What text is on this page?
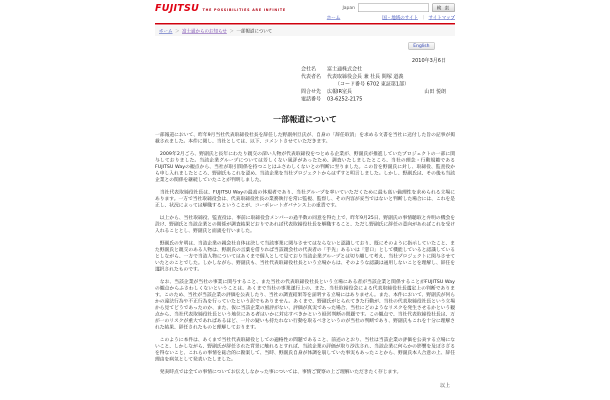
FUJITSU THE POSSIBILITIES ARE INFINITE	Japan	検 索
ホーム	国・地域のサイト ｜ サイトマップ
ホーム ＞ 富士通からのお知らせ ＞ 一部報道について
English
2010年3月6日
会社名	富士通株式会社
代表者名 代表取締役会長 兼 社長 間塚 道義
（コード番号 6702 東証第1部）
問合せ先 広報IR室長	山田 悦朗
電話番号 03-6252-2175
一部報道について

一部報道において、昨年9月当社代表取締役社長を辞任した野副州旦氏が、自身の「辞任取消」を求める文書を当社に送付した旨の記事が掲載されました。本件に関し、当社としては、以下、コメントさせていただきます。

　2009年2月ごろ、野副氏と長年にわたり親交の深い人物が代表取締役をつとめる企業が、野副氏が推進していたプロジェクトの一部に関与しておりました。当該企業グループについては芳しくない風評があったため、調査いたしましたところ、当社の理念・行動規範であるFUJITSU Wayの観点から、当社が取引関係を持つことはふさわしくないとの判断に至りました。この旨を野副氏に対し、取締役、監査役から申し入れましたところ、野副氏もこれを認め、当該企業を当社プロジェクトからはずすと明言しました。しかし、野副氏は、その後も当該企業との関係を継続していたことが判明しました。

　当社代表取締役社長は、FUJITSU Wayの最高の体現者であり、当社グループを率いていただくために最も高い倫理性を求められる立場にあります。一方で当社取締役会は、代表取締役社長の業務執行を常に監視、監督し、その内容が妥当ではないと判断した場合には、これを是正し、状況によっては解職するということが、コーポレートガバナンス上の重責です。

　以上から、当社取締役、監査役は、事前に取締役会メンバーの過半数の同意を得た上で、昨年9月25日、野副氏の事情聴取と弁明の機会を設け、野副氏と当該企業との関係が調査結果どおりであれば代表取締役社長を解職すること、ただし野副氏に辞任の意向があればこれを受け入れることとし、野副氏と面談を行いました。

　野副氏の弁明は、当該企業の親会社自体は決して当該事業に関与させてはならないと認識しており、既にそのように指示していたこと、また野副氏と親交のある人物は、野副氏の言葉を借りれば当該親会社の代表者の「手先」あるいは「窓口」として機能していると認識しているとしながら、一方で当該人物についてはあくまで個人として見ており当該企業グループとは切り離して考え、当社プロジェクトに関与させていたとのことでした。しかしながら、野副氏も、当社代表取締役社長という立場からは、そのような認識は通用しないことを理解し、辞任を選択されたものです。

　なお、当該企業が当社の事業に関与すること、また当社の代表取締役社長という立場にある者が当該企業と関係することがFUJITSU Wayの観点からふさわしくないということは、あくまで当社の事業遂行上の、また、当社取締役会による代表取締役社長選定上の判断であります。このため、当社が当該企業の評価を公表したり、当社の調査結果等を証明する立場にはありません。また、本件において、野副氏が何らかの違法行為や不正行為を行っていたという訳でもありません。あくまで、野副氏がとられてきた行動が、当社の代表取締役社長という立場から見てどうであったのか、また、仮に当該企業の風評がない、評価が真実であった場合、当社にどのようなリスクを発生させるかという観点から、当社代表取締役社長という地位にある者はいかに対応すべきかという経営判断の問題です。この観点で、当社代表取締役社長は、万が一のリスクが重大であればあるほど、一片の疑いも持たれない行動を取るべきというのが当社の判断であり、野副氏もこれを十分に理解された結果、辞任されたものと理解しております。

　このように本件は、あくまで当社代表取締役としての適格性の問題であること、前述のとおり、当社は当該企業の評価を公表する立場にないこと、しかしながら、野副氏が辞任された背景に触れるとすれば、当該企業の評価が取り沙汰され、当該企業に何らかの影響を及ぼさざるを得ないこと、これらの事情を総合的に勘案して、当時、野副氏自身が体調を崩していた事実もあったことから、野副氏本人合意の上、辞任理由を病気として発表いたしました。

　発表時点では全ての事情についてお伝えしなかった事については、事情ご賢察の上ご理解いただきたく存じます。

以上
